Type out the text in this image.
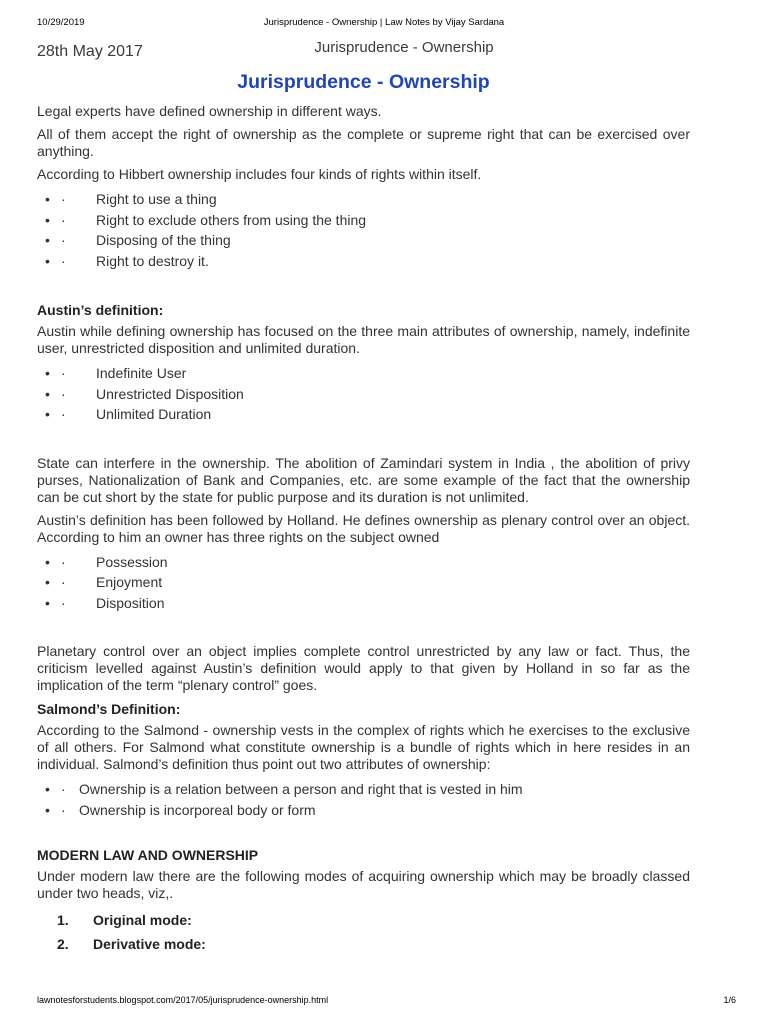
10/29/2019	Jurisprudence - Ownership | Law Notes by Vijay Sardana
28th May 2017	Jurisprudence - Ownership
Jurisprudence - Ownership

Legal experts have defined ownership in different ways.

All of them accept the right of ownership as the complete or supreme right that can be exercised over anything.

According to Hibbert ownership includes four kinds of rights within itself.

• · Right to use a thing
• · Right to exclude others from using the thing
• · Disposing of the thing
• · Right to destroy it.
Austin’s definition:

Austin while defining ownership has focused on the three main attributes of ownership, namely, indefinite user, unrestricted disposition and unlimited duration.

• · Indefinite User
• · Unrestricted Disposition
• · Unlimited Duration

State can interfere in the ownership. The abolition of Zamindari system in India , the abolition of privy purses, Nationalization of Bank and Companies, etc. are some example of the fact that the ownership can be cut short by the state for public purpose and its duration is not unlimited.

Austin’s definition has been followed by Holland. He defines ownership as plenary control over an object. According to him an owner has three rights on the subject owned

• · Possession
• · Enjoyment
• · Disposition

Planetary control over an object implies complete control unrestricted by any law or fact. Thus, the criticism levelled against Austin’s definition would apply to that given by Holland in so far as the implication of the term “plenary control” goes.

Salmond’s Definition:

According to the Salmond - ownership vests in the complex of rights which he exercises to the exclusive of all others. For Salmond what constitute ownership is a bundle of rights which in here resides in an individual. Salmond’s definition thus point out two attributes of ownership:

• · Ownership is a relation between a person and right that is vested in him
• · Ownership is incorporeal body or form
MODERN LAW AND OWNERSHIP

Under modern law there are the following modes of acquiring ownership which may be broadly classed under two heads, viz,.

1. Original mode:
2. Derivative mode:
lawnotesforstudents.blogspot.com/2017/05/jurisprudence-ownership.html	1/6
